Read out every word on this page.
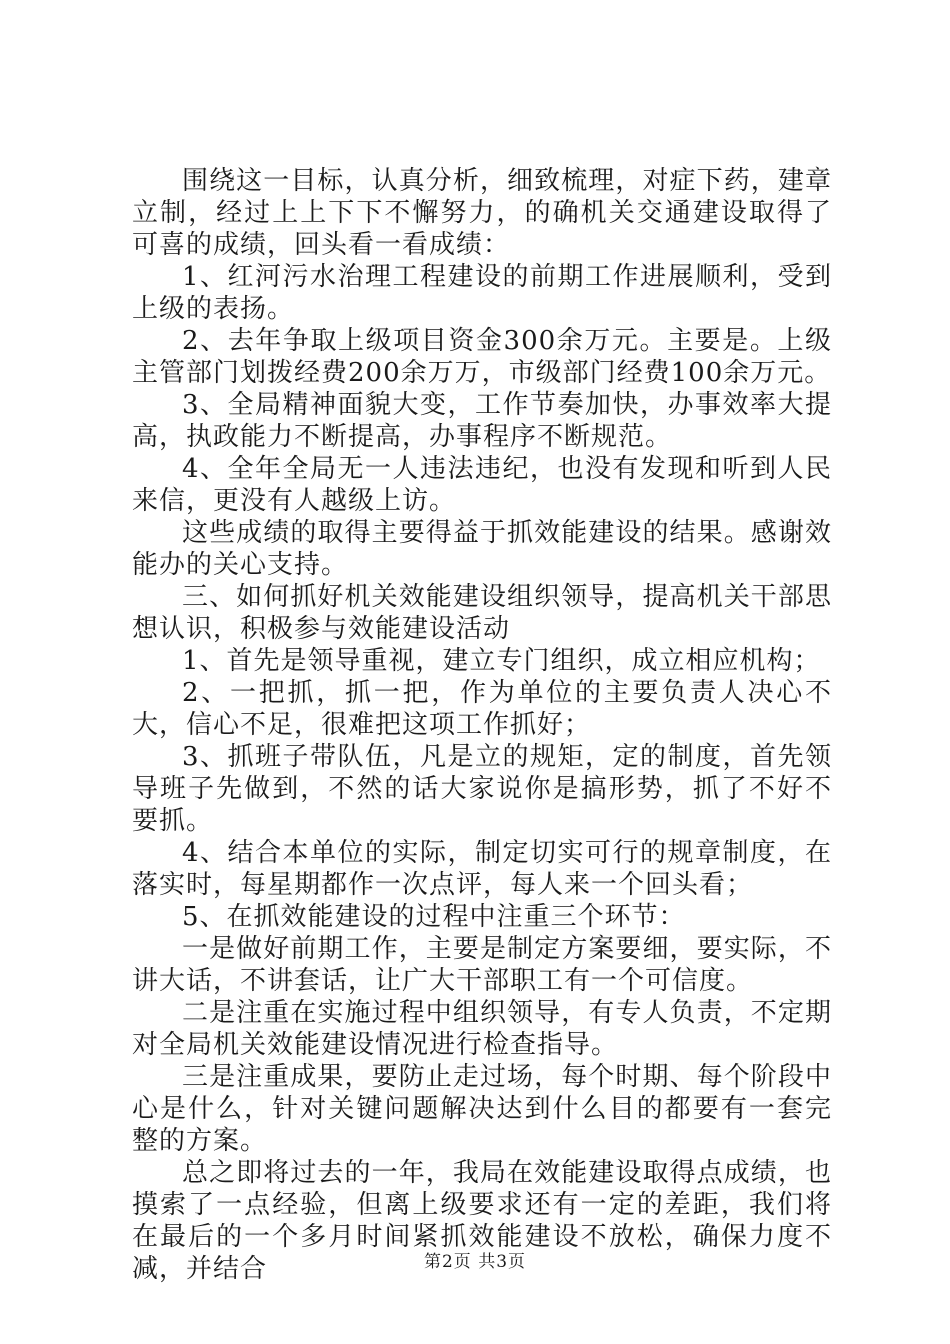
围绕这一目标，认真分析，细致梳理，对症下药，建章立制，经过上上下下不懈努力，的确机关交通建设取得了可喜的成绩，回头看一看成绩：

1、红河污水治理工程建设的前期工作进展顺利，受到上级的表扬。

2、去年争取上级项目资金300余万元。主要是。上级主管部门划拨经费200余万万，市级部门经费100余万元。

3、全局精神面貌大变，工作节奏加快，办事效率大提高，执政能力不断提高，办事程序不断规范。

4、全年全局无一人违法违纪，也没有发现和听到人民来信，更没有人越级上访。

这些成绩的取得主要得益于抓效能建设的结果。感谢效能办的关心支持。

三、如何抓好机关效能建设组织领导，提高机关干部思想认识，积极参与效能建设活动

1、首先是领导重视，建立专门组织，成立相应机构；

2、一把抓，抓一把，作为单位的主要负责人决心不大，信心不足，很难把这项工作抓好；

3、抓班子带队伍，凡是立的规矩，定的制度，首先领导班子先做到，不然的话大家说你是搞形势，抓了不好不要抓。

4、结合本单位的实际，制定切实可行的规章制度，在落实时，每星期都作一次点评，每人来一个回头看；

5、在抓效能建设的过程中注重三个环节：

一是做好前期工作，主要是制定方案要细，要实际，不讲大话，不讲套话，让广大干部职工有一个可信度。

二是注重在实施过程中组织领导，有专人负责，不定期对全局机关效能建设情况进行检查指导。

三是注重成果，要防止走过场，每个时期、每个阶段中心是什么，针对关键问题解决达到什么目的都要有一套完整的方案。

总之即将过去的一年，我局在效能建设取得点成绩，也摸索了一点经验，但离上级要求还有一定的差距，我们将在最后的一个多月时间紧抓效能建设不放松，确保力度不减，并结合	第2页 共3页
